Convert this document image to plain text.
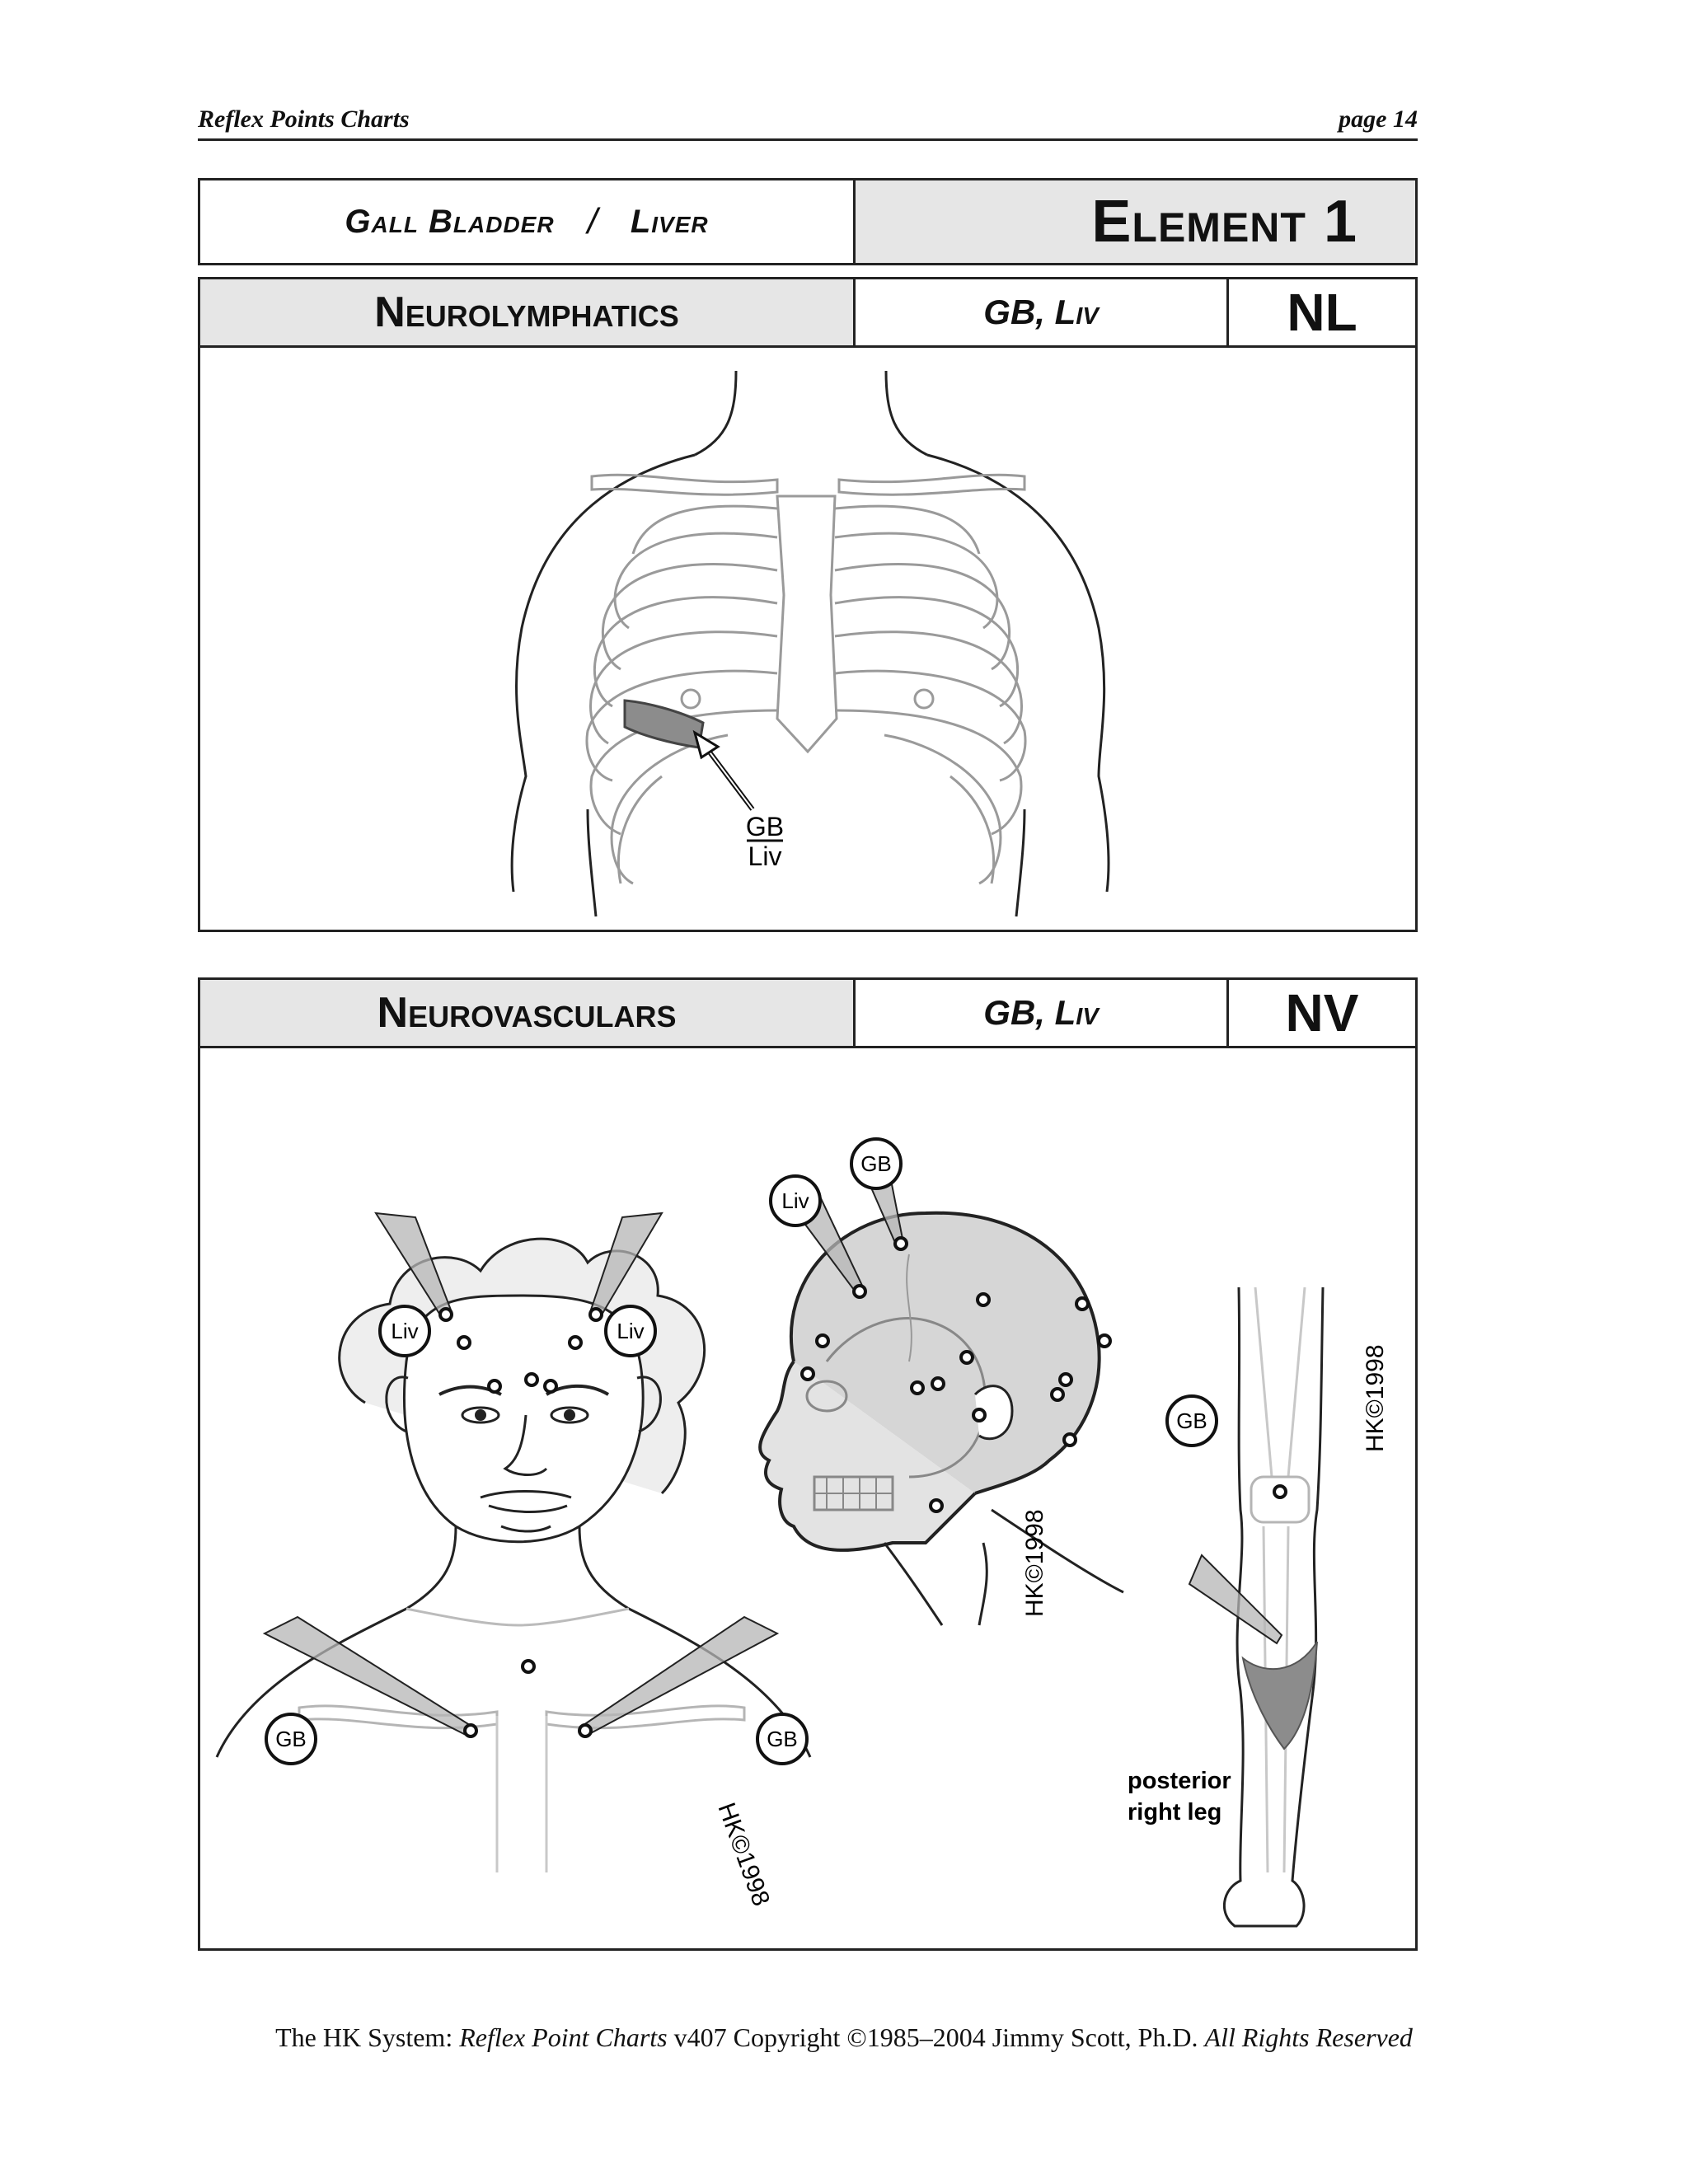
Reflex Points Charts	page 14
Gall Bladder / Liver	Element 1
Neurolymphatics	GB, Liv	NL
GB
Liv
Neurovasculars	GB, Liv	NV
Liv	Liv
GB	GB
HK©1998
Liv
GB
HK©1998
GB
posterior
right leg
HK©1998
The HK System: Reflex Point Charts v407 Copyright ©1985–2004 Jimmy Scott, Ph.D. All Rights Reserved
